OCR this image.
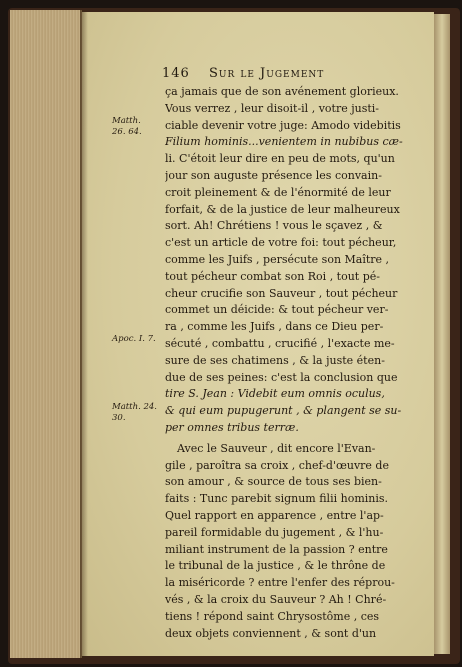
146 Sur le Jugement
Matth.
26. 64.
Apoc. I. 7.
Matth. 24.
30.
ça jamais que de son avénement glorieux.
Vous verrez , leur disoit-il , votre justi-
ciable devenir votre juge: Amodo videbitis
Filium hominis...venientem in nubibus cæ-
li. C'étoit leur dire en peu de mots, qu'un
jour son auguste présence les convain-
croit pleinement & de l'énormité de leur
forfait, & de la justice de leur malheureux
sort. Ah! Chrétiens ! vous le sçavez , &
c'est un article de votre foi: tout pécheur,
comme les Juifs , persécute son Maître ,
tout pécheur combat son Roi , tout pé-
cheur crucifie son Sauveur , tout pécheur
commet un déicide: & tout pécheur ver-
ra , comme les Juifs , dans ce Dieu per-
sécuté , combattu , crucifié , l'exacte me-
sure de ses chatimens , & la juste éten-
due de ses peines: c'est la conclusion que
tire S. Jean : Videbit eum omnis oculus,
& qui eum pupugerunt , & plangent se su-
per omnes tribus terræ.
Avec le Sauveur , dit encore l'Evan-
gile , paroîtra sa croix , chef-d'œuvre de
son amour , & source de tous ses bien-
faits : Tunc parebit signum filii hominis.
Quel rapport en apparence , entre l'ap-
pareil formidable du jugement , & l'hu-
miliant instrument de la passion ? entre
le tribunal de la justice , & le thrône de
la miséricorde ? entre l'enfer des réprou-
vés , & la croix du Sauveur ? Ah ! Chré-
tiens ! répond saint Chrysostôme , ces
deux objets conviennent , & sont d'un
